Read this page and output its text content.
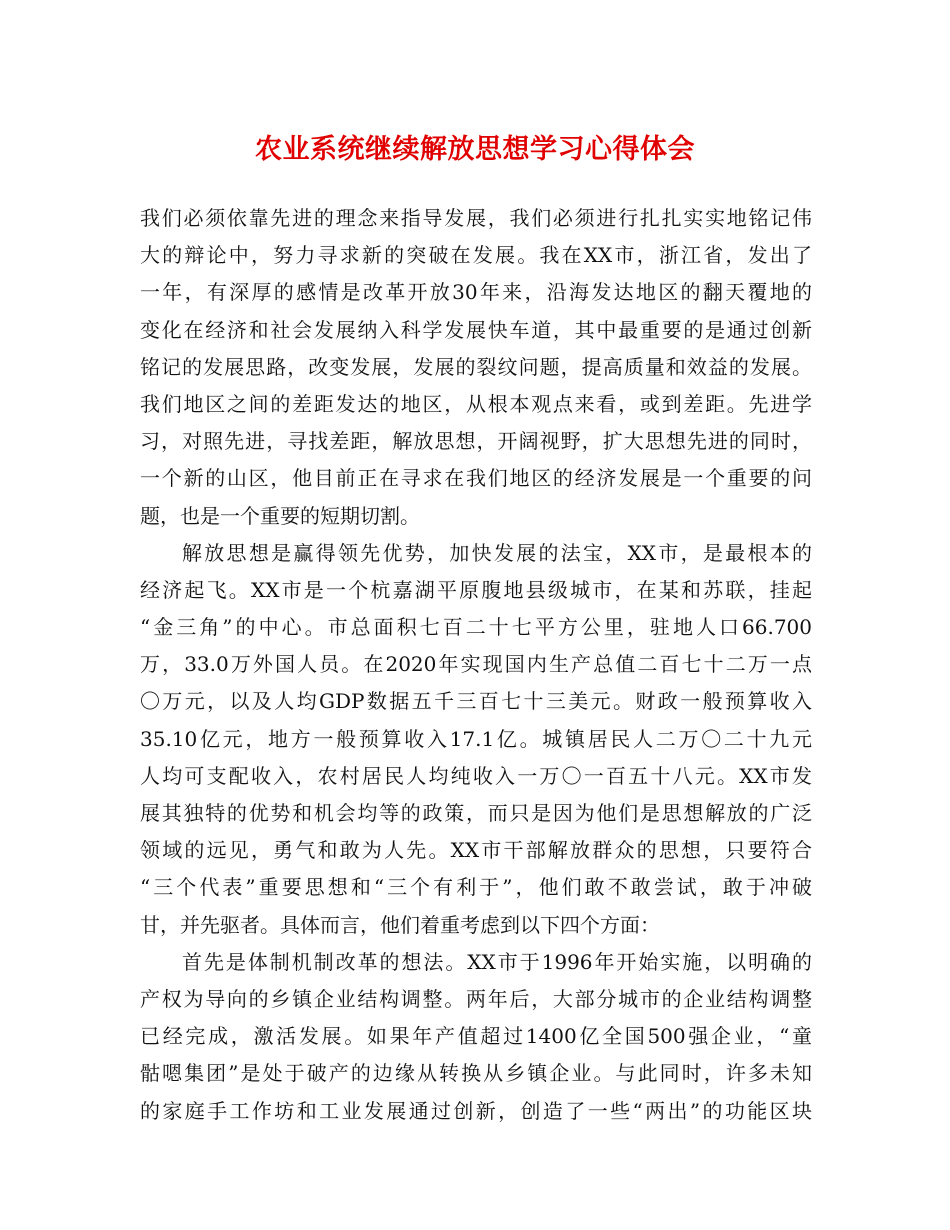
农业系统继续解放思想学习心得体会
我们必须依靠先进的理念来指导发展，我们必须进行扎扎实实地铭记伟
大的辩论中，努力寻求新的突破在发展。我在XX市，浙江省，发出了
一年，有深厚的感情是改革开放30年来，沿海发达地区的翻天覆地的
变化在经济和社会发展纳入科学发展快车道，其中最重要的是通过创新
铭记的发展思路，改变发展，发展的裂纹问题，提高质量和效益的发展。
我们地区之间的差距发达的地区，从根本观点来看，或到差距。先进学
习，对照先进，寻找差距，解放思想，开阔视野，扩大思想先进的同时，
一个新的山区，他目前正在寻求在我们地区的经济发展是一个重要的问
题，也是一个重要的短期切割。
解放思想是赢得领先优势，加快发展的法宝，XX市，是最根本的
经济起飞。XX市是一个杭嘉湖平原腹地县级城市，在某和苏联，挂起
“金三角”的中心。市总面积七百二十七平方公里，驻地人口66.700
万，33.0万外国人员。在2020年实现国内生产总值二百七十二万一点
〇万元，以及人均GDP数据五千三百七十三美元。财政一般预算收入
35.10亿元，地方一般预算收入17.1亿。城镇居民人二万〇二十九元
人均可支配收入，农村居民人均纯收入一万〇一百五十八元。XX市发
展其独特的优势和机会均等的政策，而只是因为他们是思想解放的广泛
领域的远见，勇气和敢为人先。XX市干部解放群众的思想，只要符合
“三个代表”重要思想和“三个有利于”，他们敢不敢尝试，敢于冲破
甘，并先驱者。具体而言，他们着重考虑到以下四个方面：
首先是体制机制改革的想法。XX市于1996年开始实施，以明确的
产权为导向的乡镇企业结构调整。两年后，大部分城市的企业结构调整
已经完成，激活发展。如果年产值超过1400亿全国500强企业，“童
骷嗯集团”是处于破产的边缘从转换从乡镇企业。与此同时，许多未知
的家庭手工作坊和工业发展通过创新，创造了一些“两出”的功能区块
